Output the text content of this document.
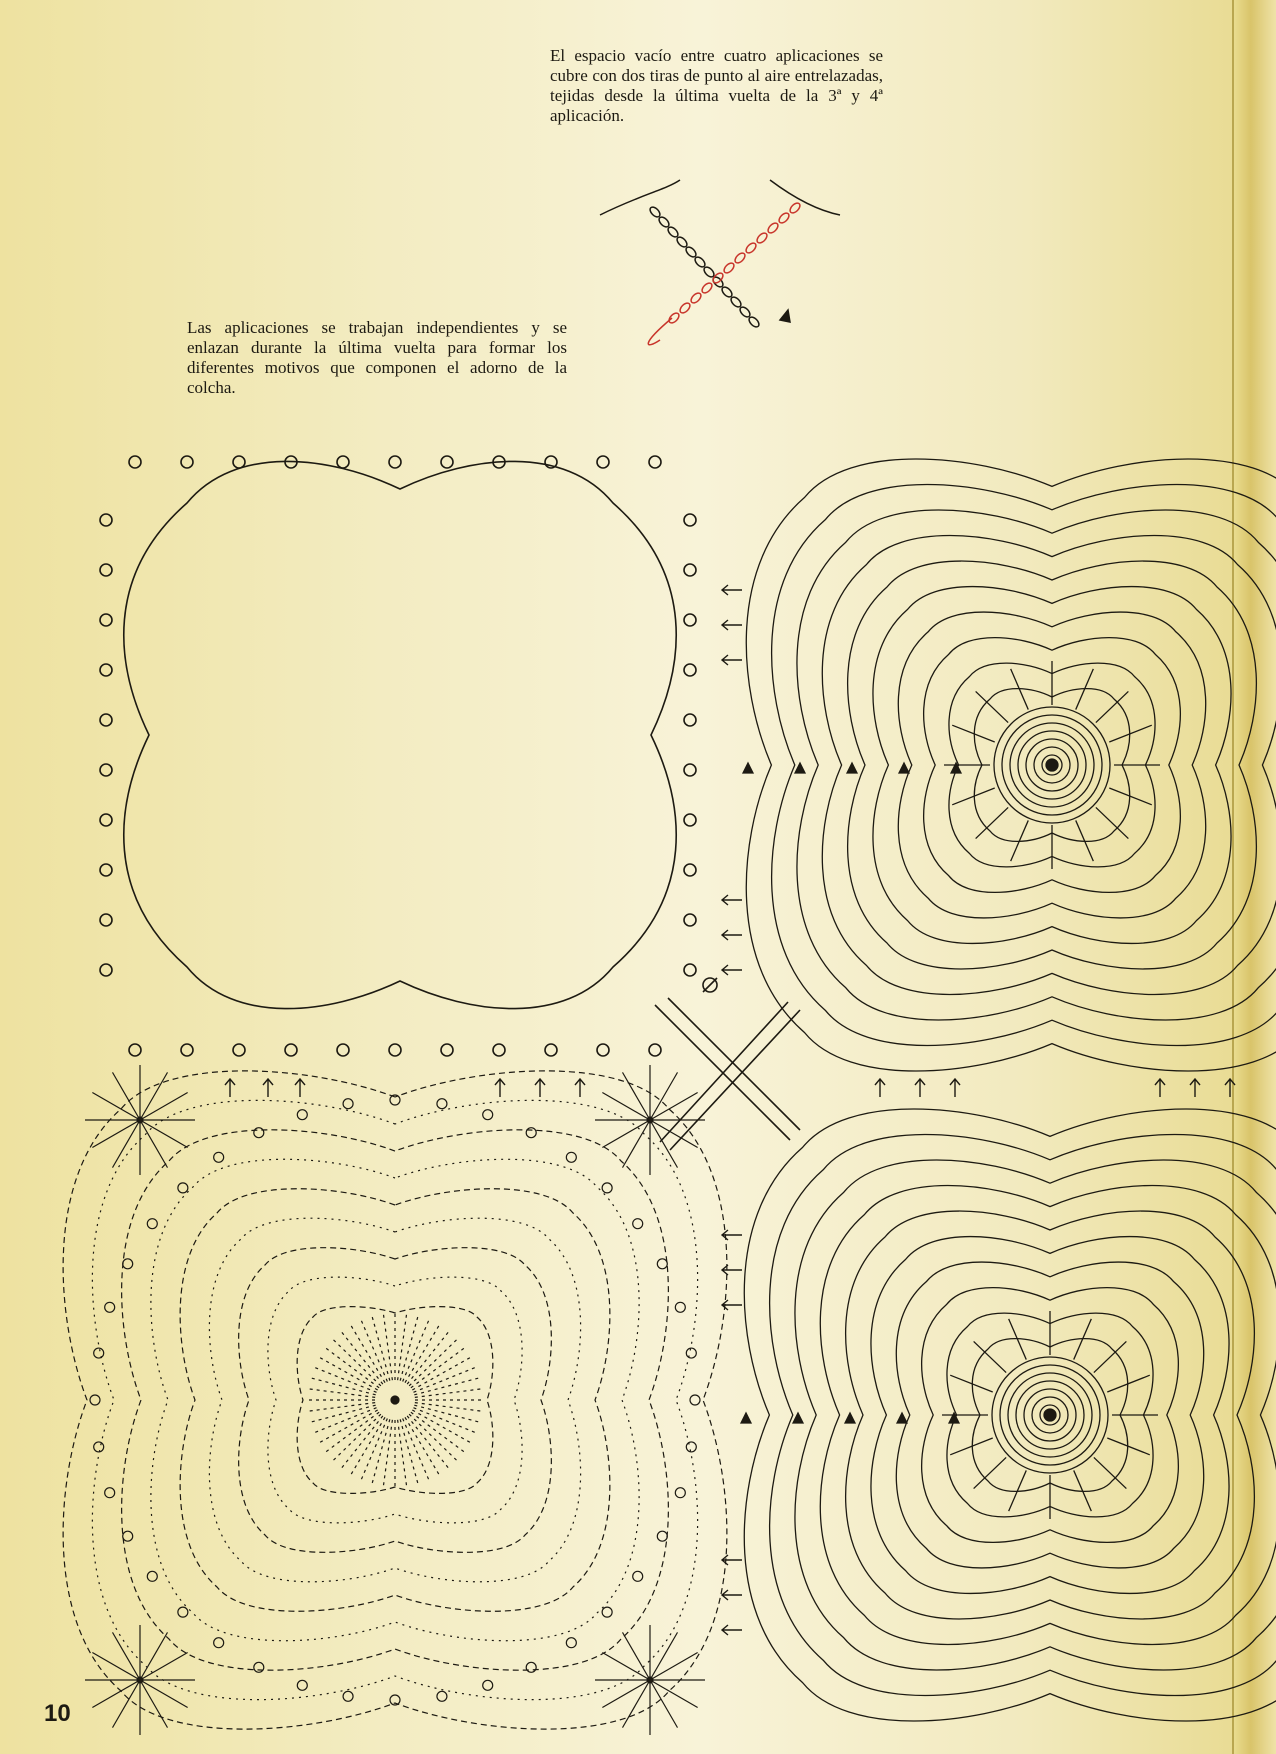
El espacio vacío entre cuatro aplicaciones se cubre con dos tiras de punto al aire entrelazadas, tejidas desde la última vuelta de la 3ª y 4ª aplicación.

Las aplicaciones se trabajan independientes y se enlazan durante la última vuelta para formar los diferentes motivos que componen el adorno de la colcha.

10
